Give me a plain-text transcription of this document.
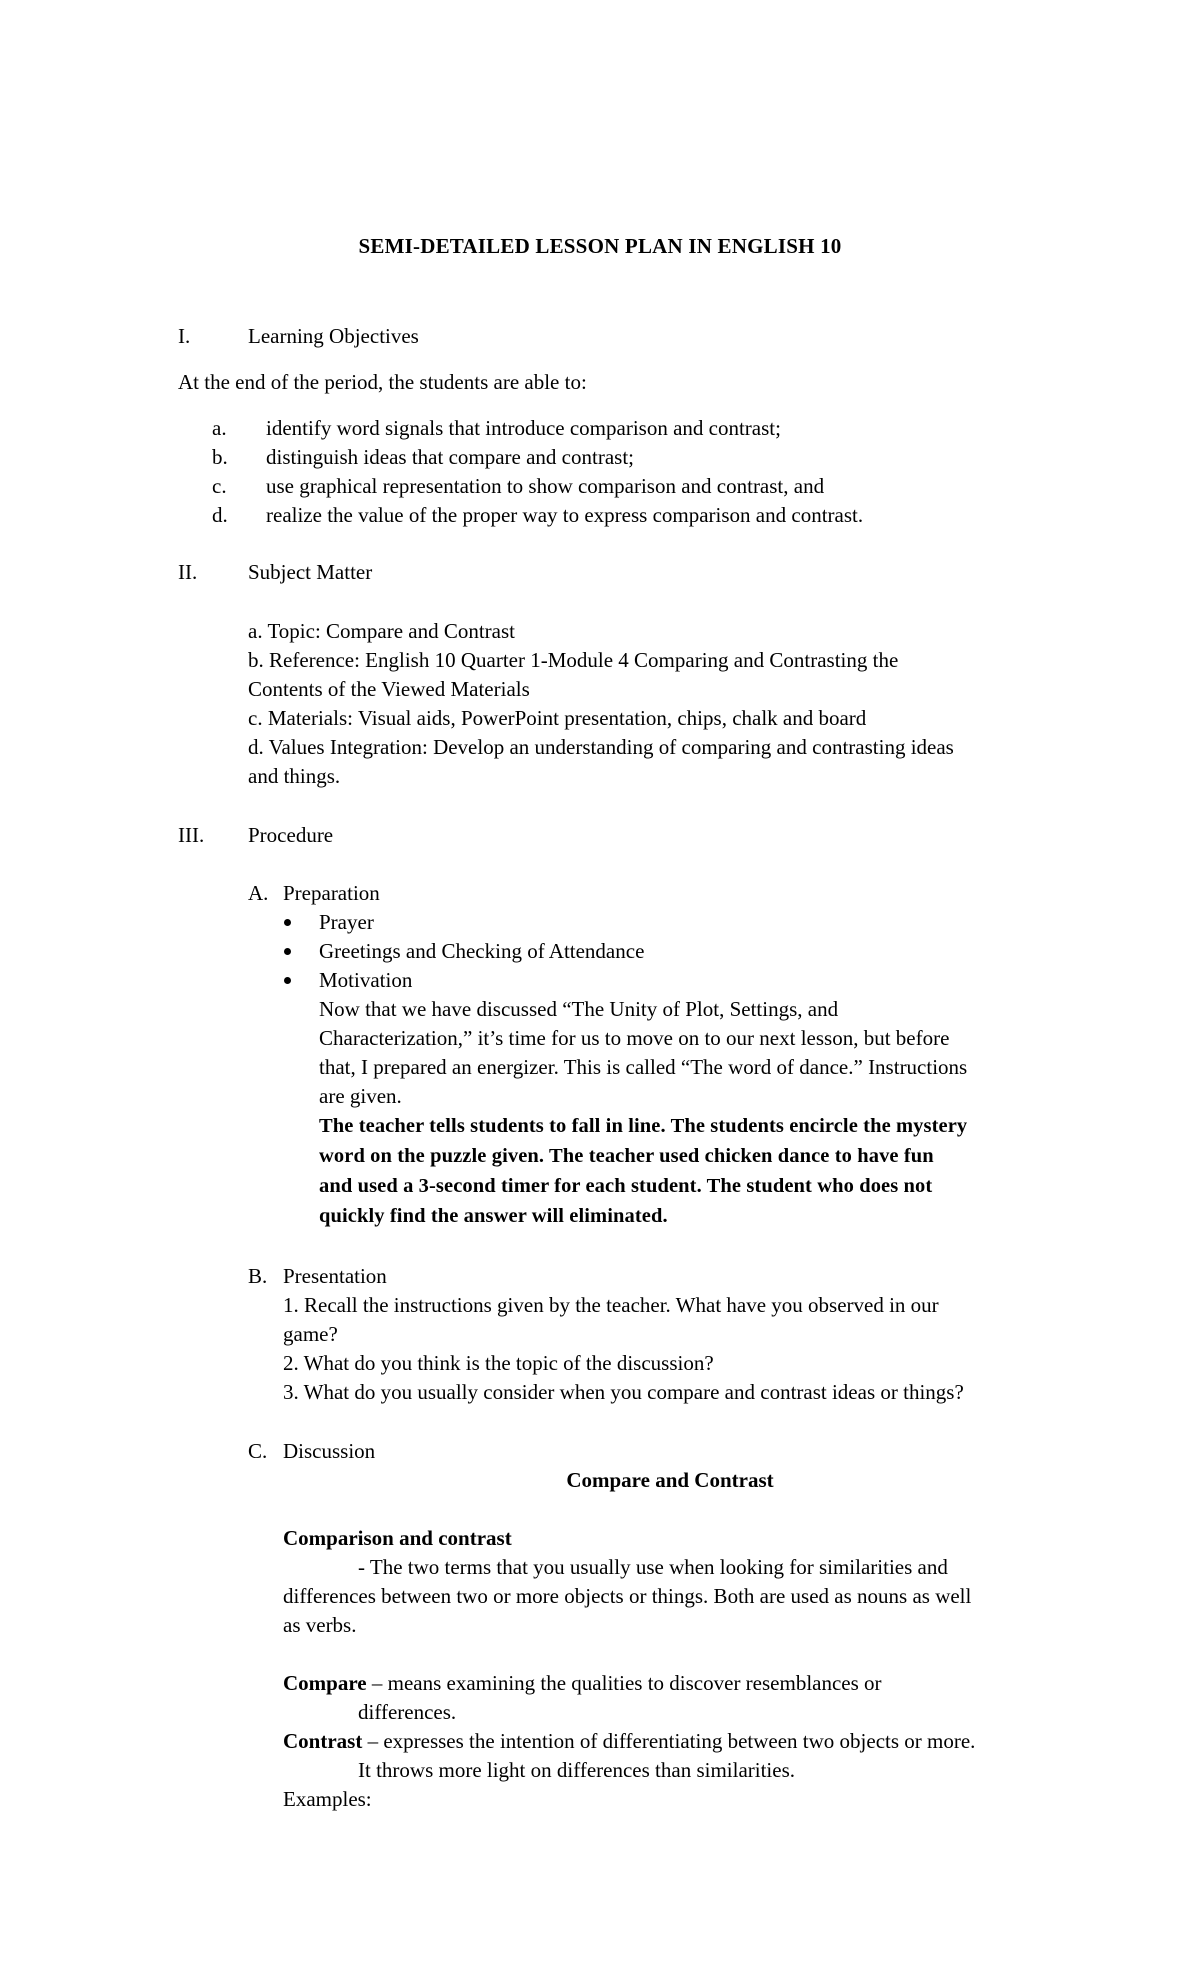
SEMI-DETAILED LESSON PLAN IN ENGLISH 10
I.	Learning Objectives
At the end of the period, the students are able to:
a. identify word signals that introduce comparison and contrast;
b. distinguish ideas that compare and contrast;
c. use graphical representation to show comparison and contrast, and
d. realize the value of the proper way to express comparison and contrast.
II. Subject Matter
a. Topic: Compare and Contrast
b. Reference: English 10 Quarter 1-Module 4 Comparing and Contrasting the
Contents of the Viewed Materials
c. Materials: Visual aids, PowerPoint presentation, chips, chalk and board
d. Values Integration: Develop an understanding of comparing and contrasting ideas
and things.
III. Procedure
A. Preparation
Prayer
Greetings and Checking of Attendance
Motivation
Now that we have discussed “The Unity of Plot, Settings, and
Characterization,” it’s time for us to move on to our next lesson, but before
that, I prepared an energizer. This is called “The word of dance.” Instructions
are given.
The teacher tells students to fall in line. The students encircle the mystery
word on the puzzle given. The teacher used chicken dance to have fun
and used a 3-second timer for each student. The student who does not
quickly find the answer will eliminated.
B. Presentation
1. Recall the instructions given by the teacher. What have you observed in our
game?
2. What do you think is the topic of the discussion?
3. What do you usually consider when you compare and contrast ideas or things?
C. Discussion
Compare and Contrast
Comparison and contrast
- The two terms that you usually use when looking for similarities and
differences between two or more objects or things. Both are used as nouns as well
as verbs.
Compare – means examining the qualities to discover resemblances or
differences.
Contrast – expresses the intention of differentiating between two objects or more.
It throws more light on differences than similarities.
Examples:
